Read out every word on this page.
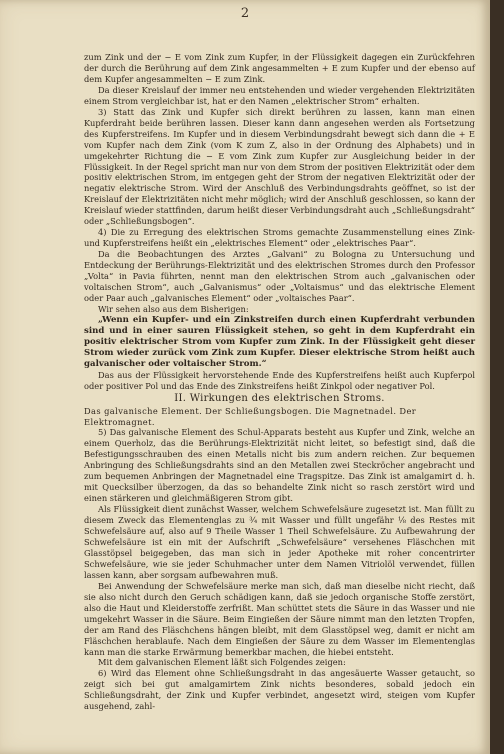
2

zum Zink und der − E vom Zink zum Kupfer, in der Flüssigkeit dagegen ein Zurückfehren der durch die Berührung auf dem Zink angesammelten + E zum Kupfer und der ebenso auf dem Kupfer angesammelten − E zum Zink.

Da dieser Kreislauf der immer neu entstehenden und wieder vergehenden Elektrizitäten einem Strom vergleichbar ist, hat er den Namen „elektrischer Strom“ erhalten.

3) Statt das Zink und Kupfer sich direkt berühren zu lassen, kann man einen Kupferdraht beide berühren lassen. Dieser kann dann angesehen werden als Fortsetzung des Kupferstreifens. Im Kupfer und in diesem Verbindungsdraht bewegt sich dann die + E vom Kupfer nach dem Zink (vom K zum Z, also in der Ordnung des Alphabets) und in umgekehrter Richtung die − E vom Zink zum Kupfer zur Ausgleichung beider in der Flüssigkeit. In der Regel spricht man nur von dem Strom der positiven Elektrizität oder dem positiv elektrischen Strom, im entgegen geht der Strom der negativen Elektrizität oder der negativ elektrische Strom. Wird der Anschluß des Verbindungsdrahts geöffnet, so ist der Kreislauf der Elektrizitäten nicht mehr möglich; wird der Anschluß geschlossen, so kann der Kreislauf wieder stattfinden, darum heißt dieser Verbindungsdraht auch „Schließungsdraht“ oder „Schließungsbogen“.

4) Die zu Erregung des elektrischen Stroms gemachte Zusammenstellung eines Zink- und Kupferstreifens heißt ein „elektrisches Element“ oder „elektrisches Paar“.

Da die Beobachtungen des Arztes „Galvani“ zu Bologna zu Untersuchung und Entdeckung der Berührungs-Elektrizität und des elektrischen Stromes durch den Professor „Volta“ in Pavia führten, nennt man den elektrischen Strom auch „galvanischen oder voltaischen Strom“, auch „Galvanismus“ oder „Voltaismus“ und das elektrische Element oder Paar auch „galvanisches Element“ oder „voltaisches Paar“.

Wir sehen also aus dem Bisherigen:

„Wenn ein Kupfer- und ein Zinkstreifen durch einen Kupferdraht verbunden sind und in einer sauren Flüssigkeit stehen, so geht in dem Kupferdraht ein positiv elektrischer Strom vom Kupfer zum Zink. In der Flüssigkeit geht dieser Strom wieder zurück vom Zink zum Kupfer. Dieser elektrische Strom heißt auch galvanischer oder voltaischer Strom.“

Das aus der Flüssigkeit hervorstehende Ende des Kupferstreifens heißt auch Kupferpol oder positiver Pol und das Ende des Zinkstreifens heißt Zinkpol oder negativer Pol.

II. Wirkungen des elektrischen Stroms.

Das galvanische Element. Der Schließungsbogen. Die Magnetnadel. Der Elektromagnet.

5) Das galvanische Element des Schul-Apparats besteht aus Kupfer und Zink, welche an einem Querholz, das die Berührungs-Elektrizität nicht leitet, so befestigt sind, daß die Befestigungsschrauben des einen Metalls nicht bis zum andern reichen. Zur bequemen Anbringung des Schließungsdrahts sind an den Metallen zwei Steckröcher angebracht und zum bequemen Anbringen der Magnetnadel eine Tragspitze. Das Zink ist amalgamirt d. h. mit Quecksilber überzogen, da das so behandelte Zink nicht so rasch zerstört wird und einen stärkeren und gleichmäßigeren Strom gibt.

Als Flüssigkeit dient zunächst Wasser, welchem Schwefelsäure zugesetzt ist. Man füllt zu diesem Zweck das Elementenglas zu ¾ mit Wasser und füllt ungefähr ⅛ des Restes mit Schwefelsäure auf, also auf 9 Theile Wasser 1 Theil Schwefelsäure. Zu Aufbewahrung der Schwefelsäure ist ein mit der Aufschrift „Schwefelsäure“ versehenes Fläschchen mit Glasstöpsel beigegeben, das man sich in jeder Apotheke mit roher concentrirter Schwefelsäure, wie sie jeder Schuhmacher unter dem Namen Vitriolöl verwendet, füllen lassen kann, aber sorgsam aufbewahren muß.

Bei Anwendung der Schwefelsäure merke man sich, daß man dieselbe nicht riecht, daß sie also nicht durch den Geruch schädigen kann, daß sie jedoch organische Stoffe zerstört, also die Haut und Kleiderstoffe zerfrißt. Man schüttet stets die Säure in das Wasser und nie umgekehrt Wasser in die Säure. Beim Eingießen der Säure nimmt man den letzten Tropfen, der am Rand des Fläschchens hängen bleibt, mit dem Glasstöpsel weg, damit er nicht am Fläschchen herablaufe. Nach dem Eingießen der Säure zu dem Wasser im Elementenglas kann man die starke Erwärmung bemerkbar machen, die hiebei entsteht.

Mit dem galvanischen Element läßt sich Folgendes zeigen:

6) Wird das Element ohne Schließungsdraht in das angesäuerte Wasser getaucht, so zeigt sich bei gut amalgamirtem Zink nichts besonderes, sobald jedoch ein Schließungsdraht, der Zink und Kupfer verbindet, angesetzt wird, steigen vom Kupfer ausgehend, zahl-
